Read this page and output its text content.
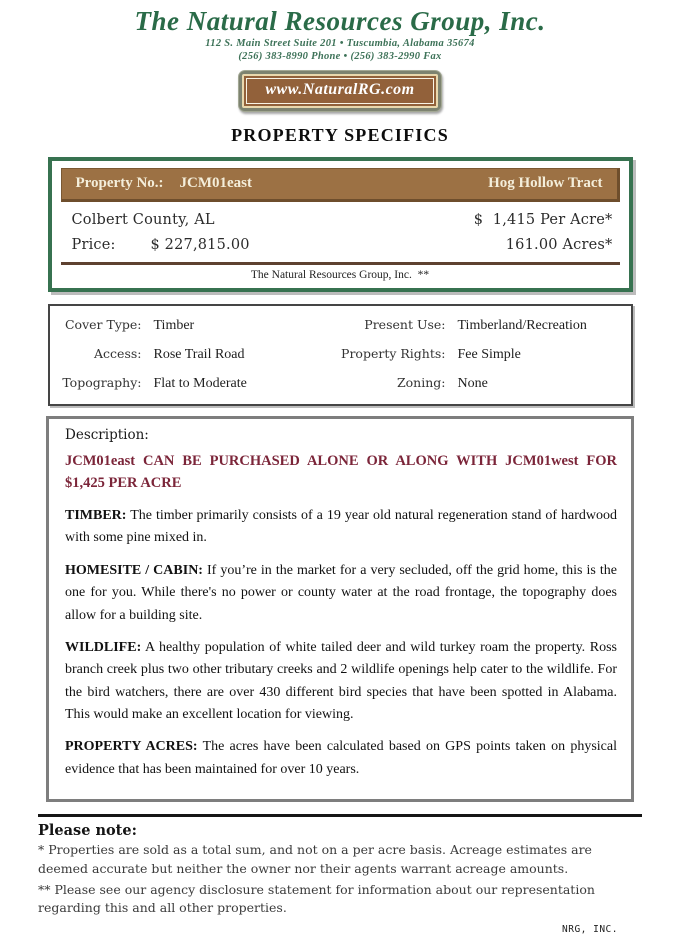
The Natural Resources Group, Inc.
112 S. Main Street Suite 201 • Tuscumbia, Alabama 35674
(256) 383-8990 Phone • (256) 383-2990 Fax
www.NaturalRG.com
PROPERTY SPECIFICS
Property No.: JCM01east	Hog Hollow Tract
Colbert County, AL	$  1,415 Per Acre*
Price: $ 227,815.00	161.00 Acres*
The Natural Resources Group, Inc.  **
Cover Type: Timber	Present Use: Timberland/Recreation
Access: Rose Trail Road	Property Rights: Fee Simple
Topography: Flat to Moderate	Zoning: None
Description:
JCM01east CAN BE PURCHASED ALONE OR ALONG WITH JCM01west FOR $1,425 PER ACRE
TIMBER: The timber primarily consists of a 19 year old natural regeneration stand of hardwood with some pine mixed in.
HOMESITE / CABIN: If you’re in the market for a very secluded, off the grid home, this is the one for you. While there's no power or county water at the road frontage, the topography does allow for a building site.
WILDLIFE: A healthy population of white tailed deer and wild turkey roam the property. Ross branch creek plus two other tributary creeks and 2 wildlife openings help cater to the wildlife. For the bird watchers, there are over 430 different bird species that have been spotted in Alabama. This would make an excellent location for viewing.
PROPERTY ACRES: The acres have been calculated based on GPS points taken on physical evidence that has been maintained for over 10 years.
Please note:
* Properties are sold as a total sum, and not on a per acre basis. Acreage estimates are deemed accurate but neither the owner nor their agents warrant acreage amounts.
** Please see our agency disclosure statement for information about our representation regarding this and all other properties.
NRG, INC.
